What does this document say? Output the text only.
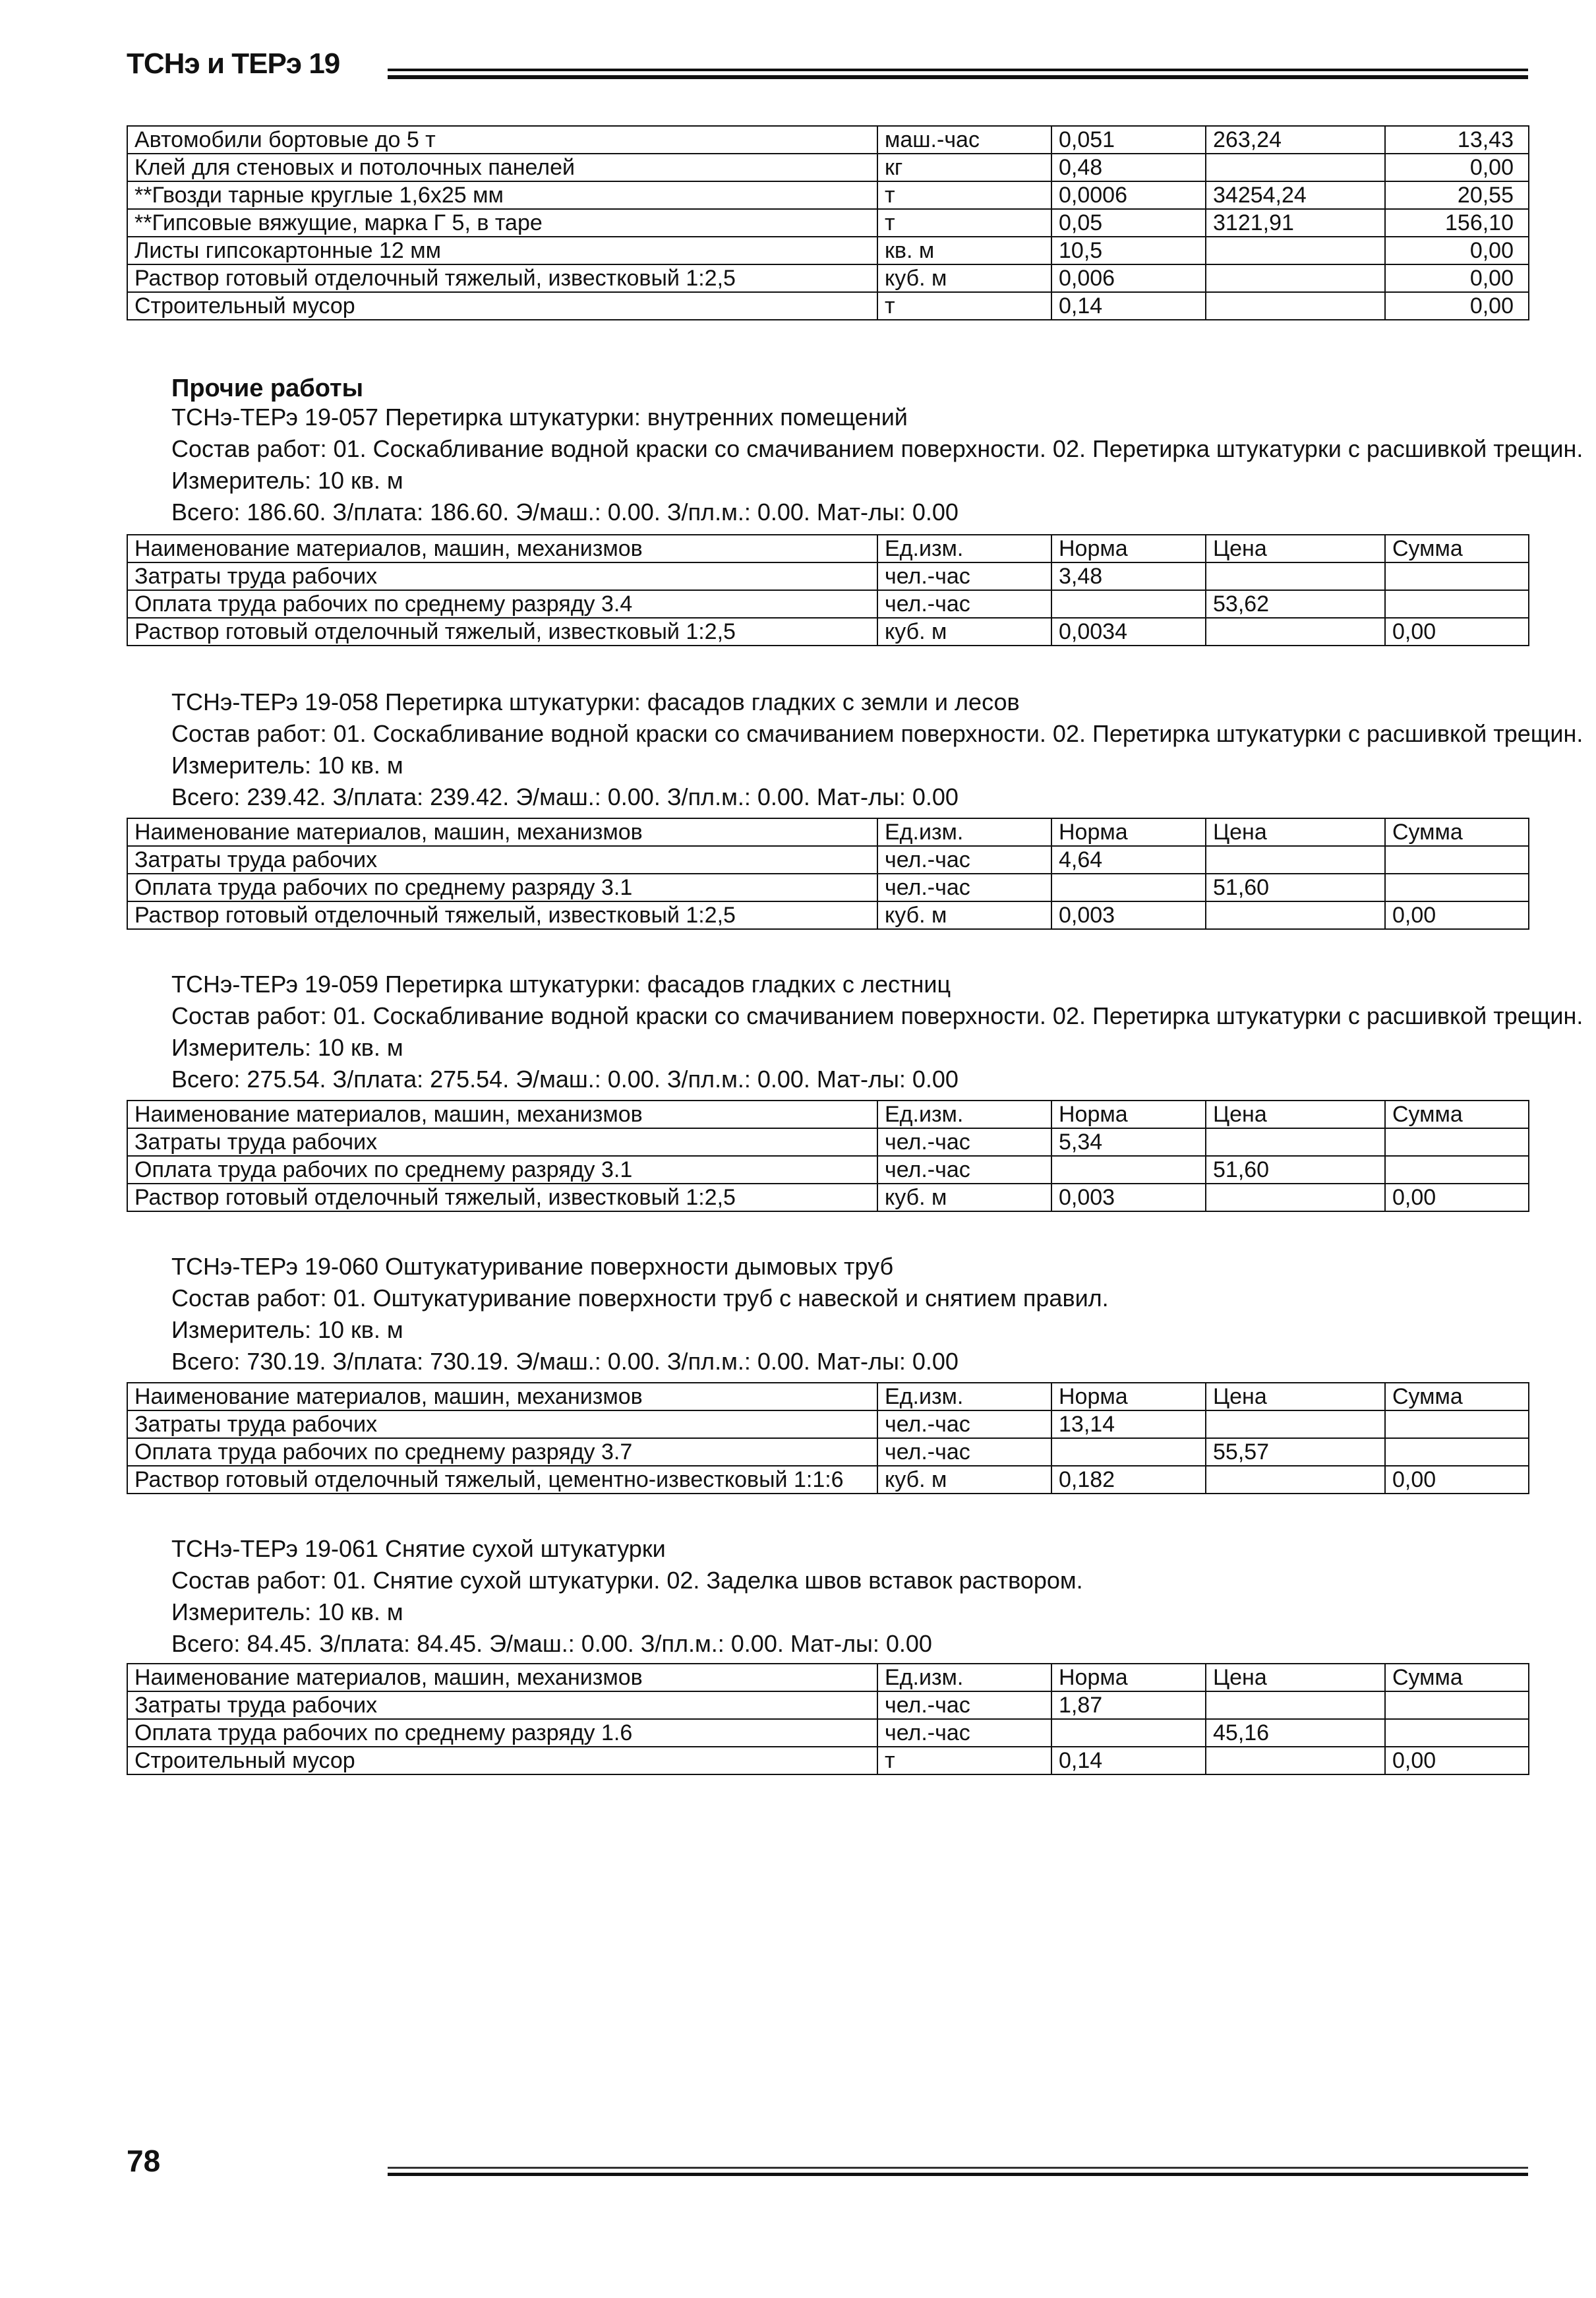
ТСНэ и ТЕРэ 19
Автомобили бортовые до 5 т	маш.-час	0,051	263,24	13,43
Клей для стеновых и потолочных панелей	кг	0,48		0,00
**Гвозди тарные круглые 1,6х25 мм	т	0,0006	34254,24	20,55
**Гипсовые вяжущие, марка Г 5, в таре	т	0,05	3121,91	156,10
Листы гипсокартонные 12 мм	кв. м	10,5		0,00
Раствор готовый отделочный тяжелый, известковый 1:2,5	куб. м	0,006		0,00
Строительный мусор	т	0,14		0,00
Прочие работы
ТСНэ-ТЕРэ 19-057 Перетирка штукатурки: внутренних помещений
Состав работ: 01. Соскабливание водной краски со смачиванием поверхности. 02. Перетирка штукатурки с расшивкой трещин.
Измеритель: 10 кв. м
Всего: 186.60. З/плата: 186.60. Э/маш.: 0.00. З/пл.м.: 0.00. Мат-лы: 0.00
Наименование материалов, машин, механизмов	Ед.изм.	Норма	Цена	Сумма
Затраты труда рабочих	чел.-час	3,48		
Оплата труда рабочих по среднему разряду 3.4	чел.-час		53,62	
Раствор готовый отделочный тяжелый, известковый 1:2,5	куб. м	0,0034		0,00
ТСНэ-ТЕРэ 19-058 Перетирка штукатурки: фасадов гладких с земли и лесов
Состав работ: 01. Соскабливание водной краски со смачиванием поверхности. 02. Перетирка штукатурки с расшивкой трещин.
Измеритель: 10 кв. м
Всего: 239.42. З/плата: 239.42. Э/маш.: 0.00. З/пл.м.: 0.00. Мат-лы: 0.00
Наименование материалов, машин, механизмов	Ед.изм.	Норма	Цена	Сумма
Затраты труда рабочих	чел.-час	4,64		
Оплата труда рабочих по среднему разряду 3.1	чел.-час		51,60	
Раствор готовый отделочный тяжелый, известковый 1:2,5	куб. м	0,003		0,00
ТСНэ-ТЕРэ 19-059 Перетирка штукатурки: фасадов гладких с лестниц
Состав работ: 01. Соскабливание водной краски со смачиванием поверхности. 02. Перетирка штукатурки с расшивкой трещин.
Измеритель: 10 кв. м
Всего: 275.54. З/плата: 275.54. Э/маш.: 0.00. З/пл.м.: 0.00. Мат-лы: 0.00
Наименование материалов, машин, механизмов	Ед.изм.	Норма	Цена	Сумма
Затраты труда рабочих	чел.-час	5,34		
Оплата труда рабочих по среднему разряду 3.1	чел.-час		51,60	
Раствор готовый отделочный тяжелый, известковый 1:2,5	куб. м	0,003		0,00
ТСНэ-ТЕРэ 19-060 Оштукатуривание поверхности дымовых труб
Состав работ: 01. Оштукатуривание поверхности труб с навеской и снятием правил.
Измеритель: 10 кв. м
Всего: 730.19. З/плата: 730.19. Э/маш.: 0.00. З/пл.м.: 0.00. Мат-лы: 0.00
Наименование материалов, машин, механизмов	Ед.изм.	Норма	Цена	Сумма
Затраты труда рабочих	чел.-час	13,14		
Оплата труда рабочих по среднему разряду 3.7	чел.-час		55,57	
Раствор готовый отделочный тяжелый, цементно-известковый 1:1:6	куб. м	0,182		0,00
ТСНэ-ТЕРэ 19-061 Снятие сухой штукатурки
Состав работ: 01. Снятие сухой штукатурки. 02. Заделка швов вставок раствором.
Измеритель: 10 кв. м
Всего: 84.45. З/плата: 84.45. Э/маш.: 0.00. З/пл.м.: 0.00. Мат-лы: 0.00
Наименование материалов, машин, механизмов	Ед.изм.	Норма	Цена	Сумма
Затраты труда рабочих	чел.-час	1,87		
Оплата труда рабочих по среднему разряду 1.6	чел.-час		45,16	
Строительный мусор	т	0,14		0,00
78
